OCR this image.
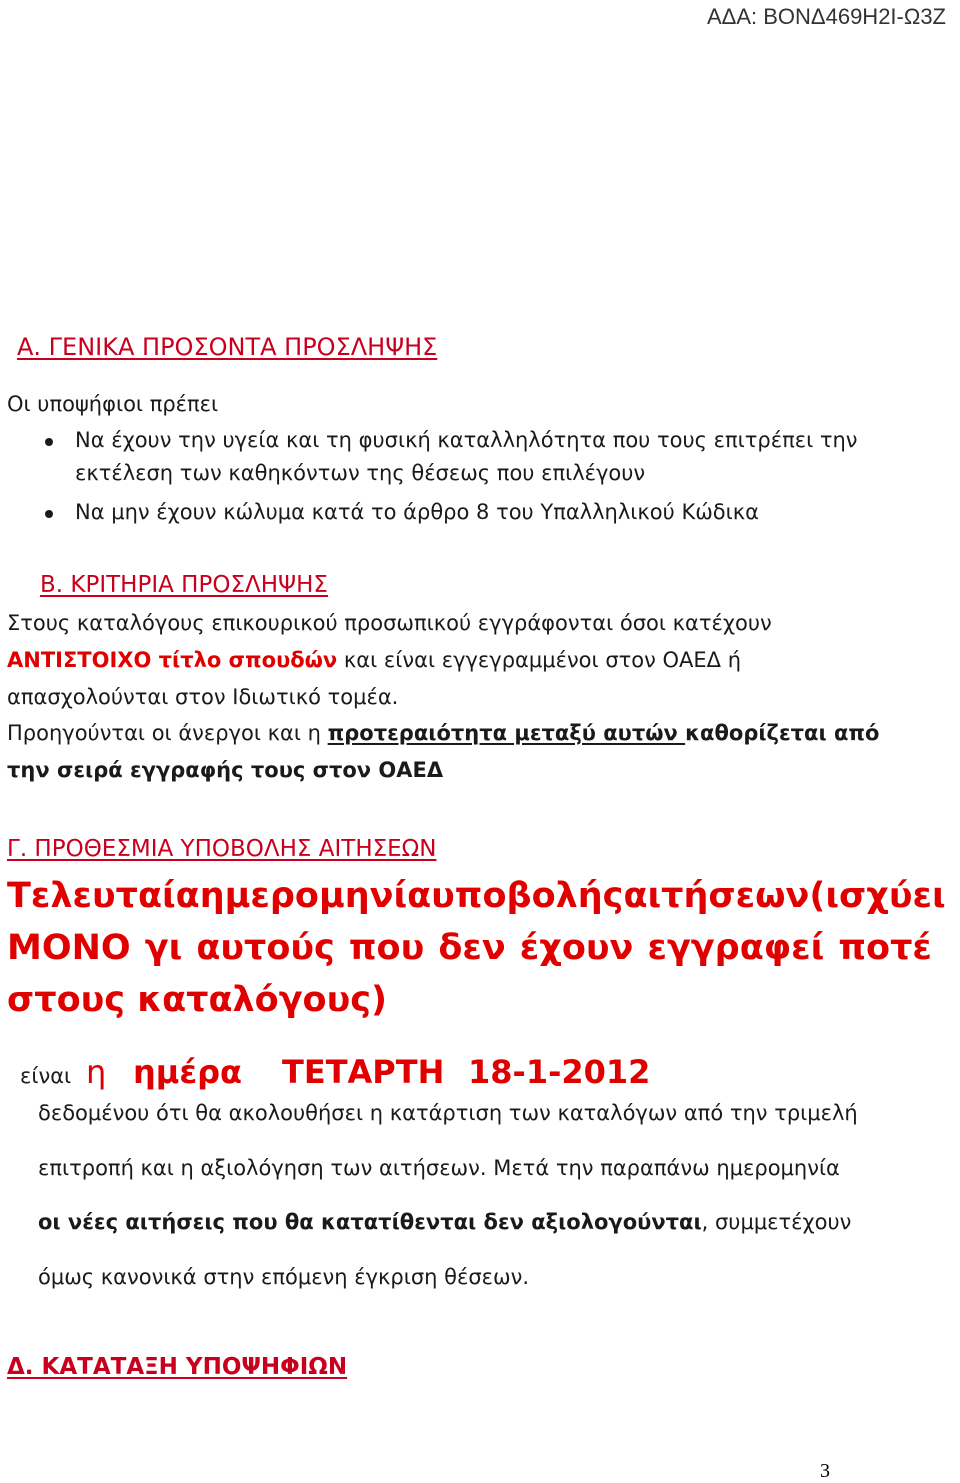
ΑΔΑ: ΒΟΝΔ469Η2Ι-Ω3Ζ
Α. ΓΕΝΙΚΑ ΠΡΟΣΟΝΤΑ ΠΡΟΣΛΗΨΗΣ
Οι υποψήφιοι πρέπει
Να έχουν την υγεία και τη φυσική καταλληλότητα που τους επιτρέπει την
εκτέλεση των καθηκόντων της θέσεως που επιλέγουν
Να μην έχουν κώλυμα κατά το άρθρο 8 του Υπαλληλικού Κώδικα
Β. ΚΡΙΤΗΡΙΑ ΠΡΟΣΛΗΨΗΣ
Στους καταλόγους επικουρικού προσωπικού εγγράφονται όσοι κατέχουν
ΑΝΤΙΣΤΟΙΧΟ τίτλο σπουδών και είναι εγγεγραμμένοι στον ΟΑΕΔ ή
απασχολούνται στον Ιδιωτικό τομέα.
Προηγούνται οι άνεργοι και η προτεραιότητα μεταξύ αυτών καθορίζεται από
την σειρά εγγραφής τους στον ΟΑΕΔ
Γ. ΠΡΟΘΕΣΜΙΑ ΥΠΟΒΟΛΗΣ ΑΙΤΗΣΕΩΝ
Τελευταία ημερομηνία υποβολής αιτήσεων (ισχύει
ΜΟΝΟ γι αυτούς που δεν έχουν εγγραφεί ποτέ
στους καταλόγους)
είναι η ημέρα ΤΕΤΑΡΤΗ 18-1-2012
δεδομένου ότι θα ακολουθήσει η κατάρτιση των καταλόγων από την τριμελή
επιτροπή και η αξιολόγηση των αιτήσεων. Μετά την παραπάνω ημερομηνία
οι νέες αιτήσεις που θα κατατίθενται δεν αξιολογούνται, συμμετέχουν
όμως κανονικά στην επόμενη έγκριση θέσεων.
Δ. ΚΑΤΑΤΑΞΗ ΥΠΟΨΗΦΙΩΝ
3
